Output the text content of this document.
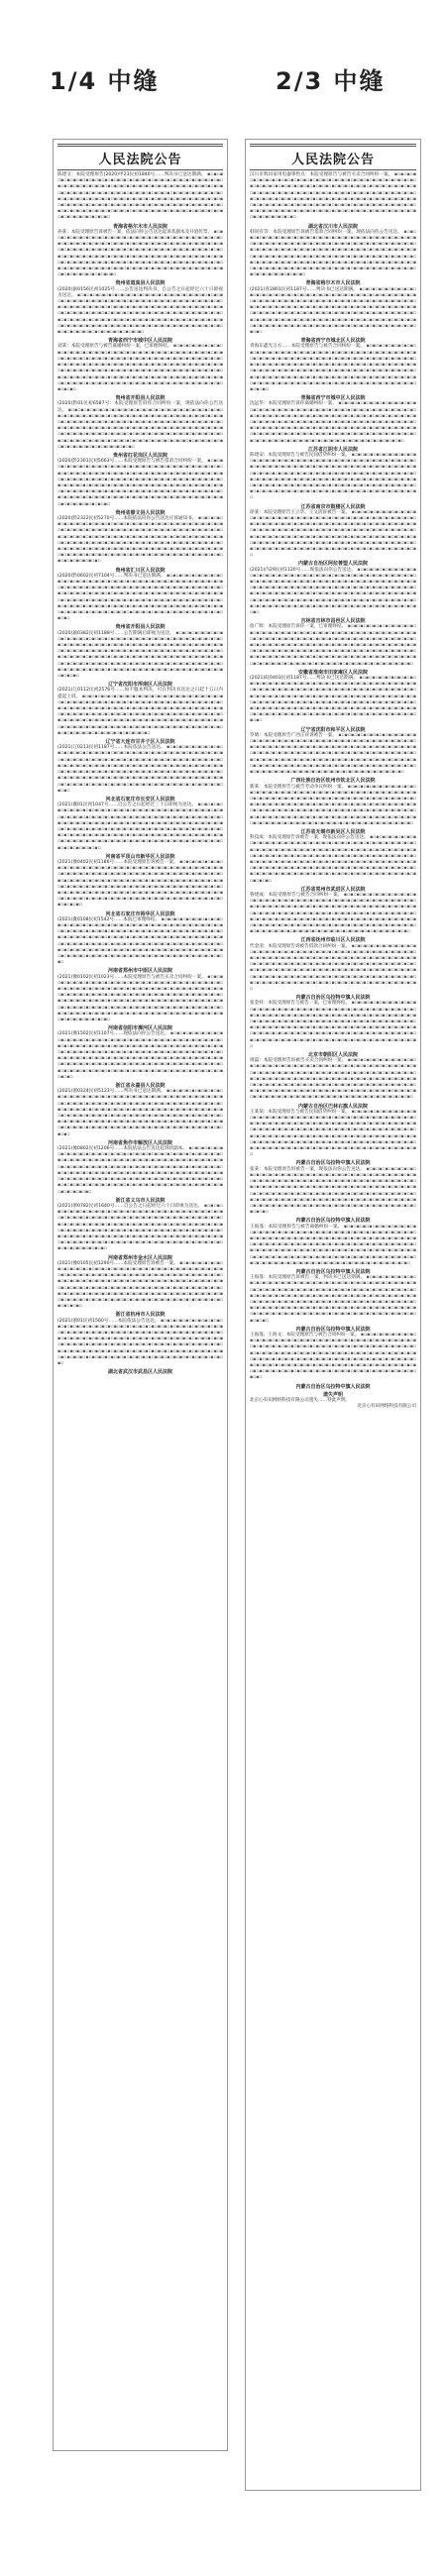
1/4 中缝	2/3 中缝
人民法院公告
陈建文：本院受理原告(2020)甲23民初1840号……判决书已送达期满。 ▪▫▪▫▪▫▪▫▪▫▪▫▪▫▪▫▪▫▪▫▪▫▪▫▪▫▪▫▪▫▪▫▪▫▪▫▪▫▪▫▪▫▪▫▪▫▪▫▪▫▪▫▪▫▪▫▪▫▪▫▪▫▪▫▪▫▪▫▪▫▪▫▪▫▪▫▪▫▪▫▪▫▪▫▪▫▪▫▪▫▪▫▪▫▪▫▪▫▪▫▪▫▪▫▪▫▪▫▪▫▪▫▪▫▪▫▪▫▪▫▪▫▪▫▪▫▪▫▪▫▪▫▪▫▪▫▪▫▪▫▪▫▪▫▪▫▪▫▪▫▪▫▪▫▪▫▪▫▪▫▪▫▪▫▪▫▪▫▪▫▪▫▪▫▪▫▪▫▪▫▪▫▪▫▪▫▪▫▪▫▪▫▪▫▪▫▪▫▪▫▪▫▪▫▪▫▪▫▪▫▪▫▪▫▪▫▪▫▪▫▪▫▪▫▪▫▪▫▪▫▪▫▪▫▪▫▪▫▪▫▪▫▪▫▪▫▪▫▪▫▪▫▪▫▪▫▪▫▪▫▪▫▪▫▪▫▪▫▪▫▪▫▪▫▪▫▪▫▪▫▪▫▪▫▪▫▪▫▪▫▪▫▪▫▪▫▪▫▪▫▪▫▪▫▪▫▪▫▪▫▪▫▪▫▪▫▪▫▪▫▪▫▪▫▪▫▪▫▪▫▪▫▪▫▪▫▪▫▪▫
青海省格尔木市人民法院
孙某：本院受理原告诉被告一案，依法向你公告送达起诉状副本及开庭传票。 ▪▫▪▫▪▫▪▫▪▫▪▫▪▫▪▫▪▫▪▫▪▫▪▫▪▫▪▫▪▫▪▫▪▫▪▫▪▫▪▫▪▫▪▫▪▫▪▫▪▫▪▫▪▫▪▫▪▫▪▫▪▫▪▫▪▫▪▫▪▫▪▫▪▫▪▫▪▫▪▫▪▫▪▫▪▫▪▫▪▫▪▫▪▫▪▫▪▫▪▫▪▫▪▫▪▫▪▫▪▫▪▫▪▫▪▫▪▫▪▫▪▫▪▫▪▫▪▫▪▫▪▫▪▫▪▫▪▫▪▫▪▫▪▫▪▫▪▫▪▫▪▫▪▫▪▫▪▫▪▫▪▫▪▫▪▫▪▫▪▫▪▫▪▫▪▫▪▫▪▫▪▫▪▫▪▫▪▫▪▫▪▫▪▫▪▫▪▫▪▫▪▫▪▫▪▫▪▫▪▫▪▫▪▫▪▫▪▫▪▫▪▫▪▫▪▫▪▫▪▫▪▫▪▫▪▫▪▫▪▫▪▫▪▫▪▫▪▫▪▫▪▫▪▫▪▫▪▫▪▫▪▫▪▫▪▫▪▫▪▫▪▫▪▫▪▫▪▫▪▫▪▫▪▫▪▫▪▫▪▫▪▫▪▫▪▫▪▫▪▫▪▫▪▫▪▫▪▫▪▫▪▫▪▫▪▫▪▫▪▫▪▫▪▫▪▫▪▫▪▫▪▫▪▫▪▫▪▫▪▫
贵州省道真县人民法院
(2020)渝0156民初1025号……公告送达判决书，自公告之日起经过六十日即视为送达。 ▪▫▪▫▪▫▪▫▪▫▪▫▪▫▪▫▪▫▪▫▪▫▪▫▪▫▪▫▪▫▪▫▪▫▪▫▪▫▪▫▪▫▪▫▪▫▪▫▪▫▪▫▪▫▪▫▪▫▪▫▪▫▪▫▪▫▪▫▪▫▪▫▪▫▪▫▪▫▪▫▪▫▪▫▪▫▪▫▪▫▪▫▪▫▪▫▪▫▪▫▪▫▪▫▪▫▪▫▪▫▪▫▪▫▪▫▪▫▪▫▪▫▪▫▪▫▪▫▪▫▪▫▪▫▪▫▪▫▪▫▪▫▪▫▪▫▪▫▪▫▪▫▪▫▪▫▪▫▪▫▪▫▪▫▪▫▪▫▪▫▪▫▪▫▪▫▪▫▪▫▪▫▪▫▪▫▪▫▪▫▪▫▪▫▪▫▪▫▪▫▪▫▪▫▪▫▪▫▪▫▪▫▪▫▪▫▪▫▪▫▪▫▪▫▪▫▪▫▪▫▪▫▪▫▪▫▪▫▪▫▪▫▪▫▪▫▪▫▪▫▪▫▪▫▪▫▪▫▪▫▪▫▪▫▪▫▪▫▪▫▪▫▪▫▪▫▪▫▪▫▪▫▪▫▪▫▪▫▪▫▪▫▪▫▪▫▪▫▪▫▪▫▪▫▪▫▪▫▪▫▪▫▪▫▪▫▪▫▪▫▪▫▪▫▪▫▪▫▪▫▪▫▪▫▪▫▪▫▪▫
青海省西宁市城中区人民法院
刘某：本院受理原告与被告离婚纠纷一案，已审理终结。 ▪▫▪▫▪▫▪▫▪▫▪▫▪▫▪▫▪▫▪▫▪▫▪▫▪▫▪▫▪▫▪▫▪▫▪▫▪▫▪▫▪▫▪▫▪▫▪▫▪▫▪▫▪▫▪▫▪▫▪▫▪▫▪▫▪▫▪▫▪▫▪▫▪▫▪▫▪▫▪▫▪▫▪▫▪▫▪▫▪▫▪▫▪▫▪▫▪▫▪▫▪▫▪▫▪▫▪▫▪▫▪▫▪▫▪▫▪▫▪▫▪▫▪▫▪▫▪▫▪▫▪▫▪▫▪▫▪▫▪▫▪▫▪▫▪▫▪▫▪▫▪▫▪▫▪▫▪▫▪▫▪▫▪▫▪▫▪▫▪▫▪▫▪▫▪▫▪▫▪▫▪▫▪▫▪▫▪▫▪▫▪▫▪▫▪▫▪▫▪▫▪▫▪▫▪▫▪▫▪▫▪▫▪▫▪▫▪▫▪▫▪▫▪▫▪▫▪▫▪▫▪▫▪▫▪▫▪▫▪▫▪▫▪▫▪▫▪▫▪▫▪▫▪▫▪▫▪▫▪▫▪▫▪▫▪▫▪▫▪▫▪▫▪▫▪▫▪▫▪▫▪▫▪▫▪▫▪▫▪▫▪▫▪▫▪▫▪▫▪▫▪▫▪▫▪▫▪▫▪▫▪▫▪▫▪▫▪▫▪▫▪▫▪▫▪▫▪▫▪▫▪▫▪▫▪▫▪▫▪▫
贵州省开阳县人民法院
(2020)黔01民初6587号：本院受理原告诉你合同纠纷一案，现依法向你公告送达。 ▪▫▪▫▪▫▪▫▪▫▪▫▪▫▪▫▪▫▪▫▪▫▪▫▪▫▪▫▪▫▪▫▪▫▪▫▪▫▪▫▪▫▪▫▪▫▪▫▪▫▪▫▪▫▪▫▪▫▪▫▪▫▪▫▪▫▪▫▪▫▪▫▪▫▪▫▪▫▪▫▪▫▪▫▪▫▪▫▪▫▪▫▪▫▪▫▪▫▪▫▪▫▪▫▪▫▪▫▪▫▪▫▪▫▪▫▪▫▪▫▪▫▪▫▪▫▪▫▪▫▪▫▪▫▪▫▪▫▪▫▪▫▪▫▪▫▪▫▪▫▪▫▪▫▪▫▪▫▪▫▪▫▪▫▪▫▪▫▪▫▪▫▪▫▪▫▪▫▪▫▪▫▪▫▪▫▪▫▪▫▪▫▪▫▪▫▪▫▪▫▪▫▪▫▪▫▪▫▪▫▪▫▪▫▪▫▪▫▪▫▪▫▪▫▪▫▪▫▪▫▪▫▪▫▪▫▪▫▪▫▪▫▪▫▪▫▪▫▪▫▪▫▪▫▪▫▪▫▪▫▪▫▪▫▪▫▪▫▪▫▪▫▪▫▪▫▪▫▪▫▪▫▪▫▪▫▪▫▪▫▪▫▪▫▪▫▪▫▪▫▪▫▪▫▪▫▪▫▪▫▪▫▪▫▪▫▪▫▪▫▪▫▪▫▪▫▪▫▪▫▪▫▪▫▪▫▪▫▪▫
贵州省红花岗区人民法院
(2020)黔2301民初5663号……本院受理原告与被告借款合同纠纷一案。 ▪▫▪▫▪▫▪▫▪▫▪▫▪▫▪▫▪▫▪▫▪▫▪▫▪▫▪▫▪▫▪▫▪▫▪▫▪▫▪▫▪▫▪▫▪▫▪▫▪▫▪▫▪▫▪▫▪▫▪▫▪▫▪▫▪▫▪▫▪▫▪▫▪▫▪▫▪▫▪▫▪▫▪▫▪▫▪▫▪▫▪▫▪▫▪▫▪▫▪▫▪▫▪▫▪▫▪▫▪▫▪▫▪▫▪▫▪▫▪▫▪▫▪▫▪▫▪▫▪▫▪▫▪▫▪▫▪▫▪▫▪▫▪▫▪▫▪▫▪▫▪▫▪▫▪▫▪▫▪▫▪▫▪▫▪▫▪▫▪▫▪▫▪▫▪▫▪▫▪▫▪▫▪▫▪▫▪▫▪▫▪▫▪▫▪▫▪▫▪▫▪▫▪▫▪▫▪▫▪▫▪▫▪▫▪▫▪▫▪▫▪▫▪▫▪▫▪▫▪▫▪▫▪▫▪▫▪▫▪▫▪▫▪▫▪▫▪▫▪▫▪▫▪▫▪▫▪▫▪▫▪▫▪▫▪▫▪▫▪▫▪▫▪▫▪▫▪▫▪▫▪▫▪▫▪▫▪▫▪▫▪▫▪▫▪▫▪▫▪▫▪▫▪▫▪▫▪▫▪▫▪▫▪▫▪▫▪▫▪▫▪▫▪▫▪▫▪▫▪▫▪▫▪▫▪▫▪▫▪▫
贵州省修文县人民法院
(2020)黔2322民初5270号……本院依法向你公告送达应诉通知书。 ▪▫▪▫▪▫▪▫▪▫▪▫▪▫▪▫▪▫▪▫▪▫▪▫▪▫▪▫▪▫▪▫▪▫▪▫▪▫▪▫▪▫▪▫▪▫▪▫▪▫▪▫▪▫▪▫▪▫▪▫▪▫▪▫▪▫▪▫▪▫▪▫▪▫▪▫▪▫▪▫▪▫▪▫▪▫▪▫▪▫▪▫▪▫▪▫▪▫▪▫▪▫▪▫▪▫▪▫▪▫▪▫▪▫▪▫▪▫▪▫▪▫▪▫▪▫▪▫▪▫▪▫▪▫▪▫▪▫▪▫▪▫▪▫▪▫▪▫▪▫▪▫▪▫▪▫▪▫▪▫▪▫▪▫▪▫▪▫▪▫▪▫▪▫▪▫▪▫▪▫▪▫▪▫▪▫▪▫▪▫▪▫▪▫▪▫▪▫▪▫▪▫▪▫▪▫▪▫▪▫▪▫▪▫▪▫▪▫▪▫▪▫▪▫▪▫▪▫▪▫▪▫▪▫▪▫▪▫▪▫▪▫▪▫▪▫▪▫▪▫▪▫▪▫▪▫▪▫▪▫▪▫▪▫▪▫▪▫▪▫▪▫▪▫▪▫▪▫▪▫▪▫▪▫▪▫▪▫▪▫▪▫▪▫▪▫▪▫▪▫▪▫▪▫▪▫▪▫▪▫▪▫▪▫▪▫▪▫▪▫▪▫▪▫▪▫▪▫▪▫▪▫▪▫▪▫▪▫▪▫
贵州省汇川区人民法院
(2020)黔0602民初7104号……判决书已送达期满。 ▪▫▪▫▪▫▪▫▪▫▪▫▪▫▪▫▪▫▪▫▪▫▪▫▪▫▪▫▪▫▪▫▪▫▪▫▪▫▪▫▪▫▪▫▪▫▪▫▪▫▪▫▪▫▪▫▪▫▪▫▪▫▪▫▪▫▪▫▪▫▪▫▪▫▪▫▪▫▪▫▪▫▪▫▪▫▪▫▪▫▪▫▪▫▪▫▪▫▪▫▪▫▪▫▪▫▪▫▪▫▪▫▪▫▪▫▪▫▪▫▪▫▪▫▪▫▪▫▪▫▪▫▪▫▪▫▪▫▪▫▪▫▪▫▪▫▪▫▪▫▪▫▪▫▪▫▪▫▪▫▪▫▪▫▪▫▪▫▪▫▪▫▪▫▪▫▪▫▪▫▪▫▪▫▪▫▪▫▪▫▪▫▪▫▪▫▪▫▪▫▪▫▪▫▪▫▪▫▪▫▪▫▪▫▪▫▪▫▪▫▪▫▪▫▪▫▪▫▪▫▪▫▪▫▪▫▪▫▪▫▪▫▪▫▪▫▪▫▪▫▪▫▪▫▪▫▪▫▪▫▪▫▪▫▪▫▪▫▪▫▪▫▪▫▪▫▪▫▪▫▪▫▪▫▪▫▪▫▪▫▪▫▪▫▪▫▪▫▪▫▪▫▪▫▪▫▪▫▪▫▪▫▪▫▪▫▪▫▪▫▪▫▪▫▪▫▪▫▪▫▪▫▪▫▪▫▪▫▪▫
贵州省开阳县人民法院
(2020)渝0382民初1188号……公告期满后即视为送达。 ▪▫▪▫▪▫▪▫▪▫▪▫▪▫▪▫▪▫▪▫▪▫▪▫▪▫▪▫▪▫▪▫▪▫▪▫▪▫▪▫▪▫▪▫▪▫▪▫▪▫▪▫▪▫▪▫▪▫▪▫▪▫▪▫▪▫▪▫▪▫▪▫▪▫▪▫▪▫▪▫▪▫▪▫▪▫▪▫▪▫▪▫▪▫▪▫▪▫▪▫▪▫▪▫▪▫▪▫▪▫▪▫▪▫▪▫▪▫▪▫▪▫▪▫▪▫▪▫▪▫▪▫▪▫▪▫▪▫▪▫▪▫▪▫▪▫▪▫▪▫▪▫▪▫▪▫▪▫▪▫▪▫▪▫▪▫▪▫▪▫▪▫▪▫▪▫▪▫▪▫▪▫▪▫▪▫▪▫▪▫▪▫▪▫▪▫▪▫▪▫▪▫▪▫▪▫▪▫▪▫▪▫▪▫▪▫▪▫▪▫▪▫▪▫▪▫▪▫▪▫▪▫▪▫▪▫▪▫▪▫▪▫▪▫▪▫▪▫▪▫▪▫▪▫▪▫▪▫▪▫▪▫▪▫▪▫▪▫▪▫▪▫▪▫▪▫▪▫▪▫▪▫▪▫▪▫▪▫▪▫▪▫▪▫▪▫▪▫▪▫▪▫▪▫▪▫▪▫▪▫▪▫▪▫▪▫▪▫▪▫▪▫▪▫▪▫▪▫▪▫▪▫▪▫▪▫▪▫▪▫
辽宁省沈阳市浑南区人民法院
(2021)辽0112民初2576号……如不服本判决，可在判决书送达之日起十五日内提起上诉。 ▪▫▪▫▪▫▪▫▪▫▪▫▪▫▪▫▪▫▪▫▪▫▪▫▪▫▪▫▪▫▪▫▪▫▪▫▪▫▪▫▪▫▪▫▪▫▪▫▪▫▪▫▪▫▪▫▪▫▪▫▪▫▪▫▪▫▪▫▪▫▪▫▪▫▪▫▪▫▪▫▪▫▪▫▪▫▪▫▪▫▪▫▪▫▪▫▪▫▪▫▪▫▪▫▪▫▪▫▪▫▪▫▪▫▪▫▪▫▪▫▪▫▪▫▪▫▪▫▪▫▪▫▪▫▪▫▪▫▪▫▪▫▪▫▪▫▪▫▪▫▪▫▪▫▪▫▪▫▪▫▪▫▪▫▪▫▪▫▪▫▪▫▪▫▪▫▪▫▪▫▪▫▪▫▪▫▪▫▪▫▪▫▪▫▪▫▪▫▪▫▪▫▪▫▪▫▪▫▪▫▪▫▪▫▪▫▪▫▪▫▪▫▪▫▪▫▪▫▪▫▪▫▪▫▪▫▪▫▪▫▪▫▪▫▪▫▪▫▪▫▪▫▪▫▪▫▪▫▪▫▪▫▪▫▪▫▪▫▪▫▪▫▪▫▪▫▪▫▪▫▪▫▪▫▪▫▪▫▪▫▪▫▪▫▪▫▪▫▪▫▪▫▪▫▪▫▪▫▪▫▪▫▪▫▪▫▪▫▪▫▪▫▪▫▪▫▪▫▪▫▪▫▪▫▪▫▪▫▪▫
辽宁省大连市甘井子区人民法院
(2021)辽0213民初1187号……本院依法公告送达。 ▪▫▪▫▪▫▪▫▪▫▪▫▪▫▪▫▪▫▪▫▪▫▪▫▪▫▪▫▪▫▪▫▪▫▪▫▪▫▪▫▪▫▪▫▪▫▪▫▪▫▪▫▪▫▪▫▪▫▪▫▪▫▪▫▪▫▪▫▪▫▪▫▪▫▪▫▪▫▪▫▪▫▪▫▪▫▪▫▪▫▪▫▪▫▪▫▪▫▪▫▪▫▪▫▪▫▪▫▪▫▪▫▪▫▪▫▪▫▪▫▪▫▪▫▪▫▪▫▪▫▪▫▪▫▪▫▪▫▪▫▪▫▪▫▪▫▪▫▪▫▪▫▪▫▪▫▪▫▪▫▪▫▪▫▪▫▪▫▪▫▪▫▪▫▪▫▪▫▪▫▪▫▪▫▪▫▪▫▪▫▪▫▪▫▪▫▪▫▪▫▪▫▪▫▪▫▪▫▪▫▪▫▪▫▪▫▪▫▪▫▪▫▪▫▪▫▪▫▪▫▪▫▪▫▪▫▪▫▪▫▪▫▪▫▪▫▪▫▪▫▪▫▪▫▪▫▪▫▪▫▪▫▪▫▪▫▪▫▪▫▪▫▪▫▪▫▪▫▪▫▪▫▪▫▪▫▪▫▪▫▪▫▪▫▪▫▪▫▪▫▪▫▪▫▪▫▪▫▪▫▪▫▪▫▪▫▪▫▪▫▪▫▪▫▪▫▪▫▪▫▪▫▪▫▪▫▪▫▪▫
河北省石家庄市长安区人民法院
(2021)冀01民初1047号……自公告之日起经过三十日即视为送达。 ▪▫▪▫▪▫▪▫▪▫▪▫▪▫▪▫▪▫▪▫▪▫▪▫▪▫▪▫▪▫▪▫▪▫▪▫▪▫▪▫▪▫▪▫▪▫▪▫▪▫▪▫▪▫▪▫▪▫▪▫▪▫▪▫▪▫▪▫▪▫▪▫▪▫▪▫▪▫▪▫▪▫▪▫▪▫▪▫▪▫▪▫▪▫▪▫▪▫▪▫▪▫▪▫▪▫▪▫▪▫▪▫▪▫▪▫▪▫▪▫▪▫▪▫▪▫▪▫▪▫▪▫▪▫▪▫▪▫▪▫▪▫▪▫▪▫▪▫▪▫▪▫▪▫▪▫▪▫▪▫▪▫▪▫▪▫▪▫▪▫▪▫▪▫▪▫▪▫▪▫▪▫▪▫▪▫▪▫▪▫▪▫▪▫▪▫▪▫▪▫▪▫▪▫▪▫▪▫▪▫▪▫▪▫▪▫▪▫▪▫▪▫▪▫▪▫▪▫▪▫▪▫▪▫▪▫▪▫▪▫▪▫▪▫▪▫▪▫▪▫▪▫▪▫▪▫▪▫▪▫▪▫▪▫▪▫▪▫▪▫▪▫▪▫▪▫▪▫▪▫▪▫▪▫▪▫▪▫▪▫▪▫▪▫▪▫▪▫▪▫▪▫▪▫▪▫▪▫▪▫▪▫▪▫▪▫▪▫▪▫▪▫▪▫▪▫▪▫▪▫▪▫▪▫▪▫▪▫▪▫
河南省平顶山市新华区人民法院
(2021)豫0402民初1186号……本院受理原告诉被告一案。 ▪▫▪▫▪▫▪▫▪▫▪▫▪▫▪▫▪▫▪▫▪▫▪▫▪▫▪▫▪▫▪▫▪▫▪▫▪▫▪▫▪▫▪▫▪▫▪▫▪▫▪▫▪▫▪▫▪▫▪▫▪▫▪▫▪▫▪▫▪▫▪▫▪▫▪▫▪▫▪▫▪▫▪▫▪▫▪▫▪▫▪▫▪▫▪▫▪▫▪▫▪▫▪▫▪▫▪▫▪▫▪▫▪▫▪▫▪▫▪▫▪▫▪▫▪▫▪▫▪▫▪▫▪▫▪▫▪▫▪▫▪▫▪▫▪▫▪▫▪▫▪▫▪▫▪▫▪▫▪▫▪▫▪▫▪▫▪▫▪▫▪▫▪▫▪▫▪▫▪▫▪▫▪▫▪▫▪▫▪▫▪▫▪▫▪▫▪▫▪▫▪▫▪▫▪▫▪▫▪▫▪▫▪▫▪▫▪▫▪▫▪▫▪▫▪▫▪▫▪▫▪▫▪▫▪▫▪▫▪▫▪▫▪▫▪▫▪▫▪▫▪▫▪▫▪▫▪▫▪▫▪▫▪▫▪▫▪▫▪▫▪▫▪▫▪▫▪▫▪▫▪▫▪▫▪▫▪▫▪▫▪▫▪▫▪▫▪▫▪▫▪▫▪▫▪▫▪▫▪▫▪▫▪▫▪▫▪▫▪▫▪▫▪▫▪▫▪▫▪▫▪▫▪▫▪▫▪▫▪▫
河北省石家庄市裕华区人民法院
(2021)冀0108民初1542号……本院已审理终结。 ▪▫▪▫▪▫▪▫▪▫▪▫▪▫▪▫▪▫▪▫▪▫▪▫▪▫▪▫▪▫▪▫▪▫▪▫▪▫▪▫▪▫▪▫▪▫▪▫▪▫▪▫▪▫▪▫▪▫▪▫▪▫▪▫▪▫▪▫▪▫▪▫▪▫▪▫▪▫▪▫▪▫▪▫▪▫▪▫▪▫▪▫▪▫▪▫▪▫▪▫▪▫▪▫▪▫▪▫▪▫▪▫▪▫▪▫▪▫▪▫▪▫▪▫▪▫▪▫▪▫▪▫▪▫▪▫▪▫▪▫▪▫▪▫▪▫▪▫▪▫▪▫▪▫▪▫▪▫▪▫▪▫▪▫▪▫▪▫▪▫▪▫▪▫▪▫▪▫▪▫▪▫▪▫▪▫▪▫▪▫▪▫▪▫▪▫▪▫▪▫▪▫▪▫▪▫▪▫▪▫▪▫▪▫▪▫▪▫▪▫▪▫▪▫▪▫▪▫▪▫▪▫▪▫▪▫▪▫▪▫▪▫▪▫▪▫▪▫▪▫▪▫▪▫▪▫▪▫▪▫▪▫▪▫▪▫▪▫▪▫▪▫▪▫▪▫▪▫▪▫▪▫▪▫▪▫▪▫▪▫▪▫▪▫▪▫▪▫▪▫▪▫▪▫▪▫▪▫▪▫▪▫▪▫▪▫▪▫▪▫▪▫▪▫▪▫▪▫▪▫▪▫▪▫▪▫▪▫▪▫
河南省郑州市中原区人民法院
(2021)豫0102民初1023号……本院受理原告与被告买卖合同纠纷一案。 ▪▫▪▫▪▫▪▫▪▫▪▫▪▫▪▫▪▫▪▫▪▫▪▫▪▫▪▫▪▫▪▫▪▫▪▫▪▫▪▫▪▫▪▫▪▫▪▫▪▫▪▫▪▫▪▫▪▫▪▫▪▫▪▫▪▫▪▫▪▫▪▫▪▫▪▫▪▫▪▫▪▫▪▫▪▫▪▫▪▫▪▫▪▫▪▫▪▫▪▫▪▫▪▫▪▫▪▫▪▫▪▫▪▫▪▫▪▫▪▫▪▫▪▫▪▫▪▫▪▫▪▫▪▫▪▫▪▫▪▫▪▫▪▫▪▫▪▫▪▫▪▫▪▫▪▫▪▫▪▫▪▫▪▫▪▫▪▫▪▫▪▫▪▫▪▫▪▫▪▫▪▫▪▫▪▫▪▫▪▫▪▫▪▫▪▫▪▫▪▫▪▫▪▫▪▫▪▫▪▫▪▫▪▫▪▫▪▫▪▫▪▫▪▫▪▫▪▫▪▫▪▫▪▫▪▫▪▫▪▫▪▫▪▫▪▫▪▫▪▫▪▫▪▫▪▫▪▫▪▫▪▫▪▫▪▫▪▫▪▫▪▫▪▫▪▫▪▫▪▫▪▫▪▫▪▫▪▫▪▫▪▫▪▫▪▫▪▫▪▫▪▫▪▫▪▫▪▫▪▫▪▫▪▫▪▫▪▫▪▫▪▫▪▫▪▫▪▫▪▫▪▫▪▫▪▫▪▫▪▫
河南省信阳市浉河区人民法院
(2021)豫1502民初1107号……现依法向你公告送达。 ▪▫▪▫▪▫▪▫▪▫▪▫▪▫▪▫▪▫▪▫▪▫▪▫▪▫▪▫▪▫▪▫▪▫▪▫▪▫▪▫▪▫▪▫▪▫▪▫▪▫▪▫▪▫▪▫▪▫▪▫▪▫▪▫▪▫▪▫▪▫▪▫▪▫▪▫▪▫▪▫▪▫▪▫▪▫▪▫▪▫▪▫▪▫▪▫▪▫▪▫▪▫▪▫▪▫▪▫▪▫▪▫▪▫▪▫▪▫▪▫▪▫▪▫▪▫▪▫▪▫▪▫▪▫▪▫▪▫▪▫▪▫▪▫▪▫▪▫▪▫▪▫▪▫▪▫▪▫▪▫▪▫▪▫▪▫▪▫▪▫▪▫▪▫▪▫▪▫▪▫▪▫▪▫▪▫▪▫▪▫▪▫▪▫▪▫▪▫▪▫▪▫▪▫▪▫▪▫▪▫▪▫▪▫▪▫▪▫▪▫▪▫▪▫▪▫▪▫▪▫▪▫▪▫▪▫▪▫▪▫▪▫▪▫▪▫▪▫▪▫▪▫▪▫▪▫▪▫▪▫▪▫▪▫▪▫▪▫▪▫▪▫▪▫▪▫▪▫▪▫▪▫▪▫▪▫▪▫▪▫▪▫▪▫▪▫▪▫▪▫▪▫▪▫▪▫▪▫▪▫▪▫▪▫▪▫▪▫▪▫▪▫▪▫▪▫▪▫▪▫▪▫▪▫▪▫▪▫▪▫
浙江省永嘉县人民法院
(2021)浙0324民初5123号……判决书已送达期满。 ▪▫▪▫▪▫▪▫▪▫▪▫▪▫▪▫▪▫▪▫▪▫▪▫▪▫▪▫▪▫▪▫▪▫▪▫▪▫▪▫▪▫▪▫▪▫▪▫▪▫▪▫▪▫▪▫▪▫▪▫▪▫▪▫▪▫▪▫▪▫▪▫▪▫▪▫▪▫▪▫▪▫▪▫▪▫▪▫▪▫▪▫▪▫▪▫▪▫▪▫▪▫▪▫▪▫▪▫▪▫▪▫▪▫▪▫▪▫▪▫▪▫▪▫▪▫▪▫▪▫▪▫▪▫▪▫▪▫▪▫▪▫▪▫▪▫▪▫▪▫▪▫▪▫▪▫▪▫▪▫▪▫▪▫▪▫▪▫▪▫▪▫▪▫▪▫▪▫▪▫▪▫▪▫▪▫▪▫▪▫▪▫▪▫▪▫▪▫▪▫▪▫▪▫▪▫▪▫▪▫▪▫▪▫▪▫▪▫▪▫▪▫▪▫▪▫▪▫▪▫▪▫▪▫▪▫▪▫▪▫▪▫▪▫▪▫▪▫▪▫▪▫▪▫▪▫▪▫▪▫▪▫▪▫▪▫▪▫▪▫▪▫▪▫▪▫▪▫▪▫▪▫▪▫▪▫▪▫▪▫▪▫▪▫▪▫▪▫▪▫▪▫▪▫▪▫▪▫▪▫▪▫▪▫▪▫▪▫▪▫▪▫▪▫▪▫▪▫▪▫▪▫▪▫▪▫▪▫▪▫
河南省焦作市解放区人民法院
(2021)豫0802民初1206号……本院依法公告送达起诉状副本。 ▪▫▪▫▪▫▪▫▪▫▪▫▪▫▪▫▪▫▪▫▪▫▪▫▪▫▪▫▪▫▪▫▪▫▪▫▪▫▪▫▪▫▪▫▪▫▪▫▪▫▪▫▪▫▪▫▪▫▪▫▪▫▪▫▪▫▪▫▪▫▪▫▪▫▪▫▪▫▪▫▪▫▪▫▪▫▪▫▪▫▪▫▪▫▪▫▪▫▪▫▪▫▪▫▪▫▪▫▪▫▪▫▪▫▪▫▪▫▪▫▪▫▪▫▪▫▪▫▪▫▪▫▪▫▪▫▪▫▪▫▪▫▪▫▪▫▪▫▪▫▪▫▪▫▪▫▪▫▪▫▪▫▪▫▪▫▪▫▪▫▪▫▪▫▪▫▪▫▪▫▪▫▪▫▪▫▪▫▪▫▪▫▪▫▪▫▪▫▪▫▪▫▪▫▪▫▪▫▪▫▪▫▪▫▪▫▪▫▪▫▪▫▪▫▪▫▪▫▪▫▪▫▪▫▪▫▪▫▪▫▪▫▪▫▪▫▪▫▪▫▪▫▪▫▪▫▪▫▪▫▪▫▪▫▪▫▪▫▪▫▪▫▪▫▪▫▪▫▪▫▪▫▪▫▪▫▪▫▪▫▪▫▪▫▪▫▪▫▪▫▪▫▪▫▪▫▪▫▪▫▪▫▪▫▪▫▪▫▪▫▪▫▪▫▪▫▪▫▪▫▪▫▪▫▪▫▪▫▪▫
浙江省义乌市人民法院
(2021)浙0782民初1640号……自公告之日起经过六十日即视为送达。 ▪▫▪▫▪▫▪▫▪▫▪▫▪▫▪▫▪▫▪▫▪▫▪▫▪▫▪▫▪▫▪▫▪▫▪▫▪▫▪▫▪▫▪▫▪▫▪▫▪▫▪▫▪▫▪▫▪▫▪▫▪▫▪▫▪▫▪▫▪▫▪▫▪▫▪▫▪▫▪▫▪▫▪▫▪▫▪▫▪▫▪▫▪▫▪▫▪▫▪▫▪▫▪▫▪▫▪▫▪▫▪▫▪▫▪▫▪▫▪▫▪▫▪▫▪▫▪▫▪▫▪▫▪▫▪▫▪▫▪▫▪▫▪▫▪▫▪▫▪▫▪▫▪▫▪▫▪▫▪▫▪▫▪▫▪▫▪▫▪▫▪▫▪▫▪▫▪▫▪▫▪▫▪▫▪▫▪▫▪▫▪▫▪▫▪▫▪▫▪▫▪▫▪▫▪▫▪▫▪▫▪▫▪▫▪▫▪▫▪▫▪▫▪▫▪▫▪▫▪▫▪▫▪▫▪▫▪▫▪▫▪▫▪▫▪▫▪▫▪▫▪▫▪▫▪▫▪▫▪▫▪▫▪▫▪▫▪▫▪▫▪▫▪▫▪▫▪▫▪▫▪▫▪▫▪▫▪▫▪▫▪▫▪▫▪▫▪▫▪▫▪▫▪▫▪▫▪▫▪▫▪▫▪▫▪▫▪▫▪▫▪▫▪▫▪▫▪▫▪▫▪▫▪▫▪▫▪▫▪▫
河南省郑州市金水区人民法院
(2021)豫0105民初1290号……本院受理原告诉被告一案。 ▪▫▪▫▪▫▪▫▪▫▪▫▪▫▪▫▪▫▪▫▪▫▪▫▪▫▪▫▪▫▪▫▪▫▪▫▪▫▪▫▪▫▪▫▪▫▪▫▪▫▪▫▪▫▪▫▪▫▪▫▪▫▪▫▪▫▪▫▪▫▪▫▪▫▪▫▪▫▪▫▪▫▪▫▪▫▪▫▪▫▪▫▪▫▪▫▪▫▪▫▪▫▪▫▪▫▪▫▪▫▪▫▪▫▪▫▪▫▪▫▪▫▪▫▪▫▪▫▪▫▪▫▪▫▪▫▪▫▪▫▪▫▪▫▪▫▪▫▪▫▪▫▪▫▪▫▪▫▪▫▪▫▪▫▪▫▪▫▪▫▪▫▪▫▪▫▪▫▪▫▪▫▪▫▪▫▪▫▪▫▪▫▪▫▪▫▪▫▪▫▪▫▪▫▪▫▪▫▪▫▪▫▪▫▪▫▪▫▪▫▪▫▪▫▪▫▪▫▪▫▪▫▪▫▪▫▪▫▪▫▪▫▪▫▪▫▪▫▪▫▪▫▪▫▪▫▪▫▪▫▪▫▪▫▪▫▪▫▪▫▪▫▪▫▪▫▪▫▪▫▪▫▪▫▪▫▪▫▪▫▪▫▪▫▪▫▪▫▪▫▪▫▪▫▪▫▪▫▪▫▪▫▪▫▪▫▪▫▪▫▪▫▪▫▪▫▪▫▪▫▪▫▪▫▪▫▪▫▪▫
浙江省杭州市人民法院
(2021)浙01民初1560号……本院依法公告送达。 ▪▫▪▫▪▫▪▫▪▫▪▫▪▫▪▫▪▫▪▫▪▫▪▫▪▫▪▫▪▫▪▫▪▫▪▫▪▫▪▫▪▫▪▫▪▫▪▫▪▫▪▫▪▫▪▫▪▫▪▫▪▫▪▫▪▫▪▫▪▫▪▫▪▫▪▫▪▫▪▫▪▫▪▫▪▫▪▫▪▫▪▫▪▫▪▫▪▫▪▫▪▫▪▫▪▫▪▫▪▫▪▫▪▫▪▫▪▫▪▫▪▫▪▫▪▫▪▫▪▫▪▫▪▫▪▫▪▫▪▫▪▫▪▫▪▫▪▫▪▫▪▫▪▫▪▫▪▫▪▫▪▫▪▫▪▫▪▫▪▫▪▫▪▫▪▫▪▫▪▫▪▫▪▫▪▫▪▫▪▫▪▫▪▫▪▫▪▫▪▫▪▫▪▫▪▫▪▫▪▫▪▫▪▫▪▫▪▫▪▫▪▫▪▫▪▫▪▫▪▫▪▫▪▫▪▫▪▫▪▫▪▫▪▫▪▫▪▫▪▫▪▫▪▫▪▫▪▫▪▫▪▫▪▫▪▫▪▫▪▫▪▫▪▫▪▫▪▫▪▫▪▫▪▫▪▫▪▫▪▫▪▫▪▫▪▫▪▫▪▫▪▫▪▫▪▫▪▫▪▫▪▫▪▫▪▫▪▫▪▫▪▫▪▫▪▫▪▫▪▫▪▫▪▫▪▫▪▫▪▫
湖北省武汉市武昌区人民法院
人民法院公告
汉川市辉讯家用电器零售点：本院受理原告与被告买卖合同纠纷一案。 ▪▫▪▫▪▫▪▫▪▫▪▫▪▫▪▫▪▫▪▫▪▫▪▫▪▫▪▫▪▫▪▫▪▫▪▫▪▫▪▫▪▫▪▫▪▫▪▫▪▫▪▫▪▫▪▫▪▫▪▫▪▫▪▫▪▫▪▫▪▫▪▫▪▫▪▫▪▫▪▫▪▫▪▫▪▫▪▫▪▫▪▫▪▫▪▫▪▫▪▫▪▫▪▫▪▫▪▫▪▫▪▫▪▫▪▫▪▫▪▫▪▫▪▫▪▫▪▫▪▫▪▫▪▫▪▫▪▫▪▫▪▫▪▫▪▫▪▫▪▫▪▫▪▫▪▫▪▫▪▫▪▫▪▫▪▫▪▫▪▫▪▫▪▫▪▫▪▫▪▫▪▫▪▫▪▫▪▫▪▫▪▫▪▫▪▫▪▫▪▫▪▫▪▫▪▫▪▫▪▫▪▫▪▫▪▫▪▫▪▫▪▫▪▫▪▫▪▫▪▫▪▫▪▫▪▫▪▫▪▫▪▫▪▫▪▫▪▫▪▫▪▫▪▫▪▫▪▫▪▫▪▫▪▫▪▫▪▫▪▫▪▫▪▫▪▫▪▫▪▫▪▫▪▫▪▫▪▫▪▫▪▫▪▫▪▫▪▫▪▫▪▫▪▫▪▫▪▫▪▫▪▫▪▫▪▫▪▫▪▫▪▫▪▫▪▫▪▫▪▫▪▫▪▫▪▫▪▫▪▫
湖北省汉川市人民法院
韩同有等：本院受理原告诉被告借款合同纠纷一案，现依法向你公告送达。 ▪▫▪▫▪▫▪▫▪▫▪▫▪▫▪▫▪▫▪▫▪▫▪▫▪▫▪▫▪▫▪▫▪▫▪▫▪▫▪▫▪▫▪▫▪▫▪▫▪▫▪▫▪▫▪▫▪▫▪▫▪▫▪▫▪▫▪▫▪▫▪▫▪▫▪▫▪▫▪▫▪▫▪▫▪▫▪▫▪▫▪▫▪▫▪▫▪▫▪▫▪▫▪▫▪▫▪▫▪▫▪▫▪▫▪▫▪▫▪▫▪▫▪▫▪▫▪▫▪▫▪▫▪▫▪▫▪▫▪▫▪▫▪▫▪▫▪▫▪▫▪▫▪▫▪▫▪▫▪▫▪▫▪▫▪▫▪▫▪▫▪▫▪▫▪▫▪▫▪▫▪▫▪▫▪▫▪▫▪▫▪▫▪▫▪▫▪▫▪▫▪▫▪▫▪▫▪▫▪▫▪▫▪▫▪▫▪▫▪▫▪▫▪▫▪▫▪▫▪▫▪▫▪▫▪▫▪▫▪▫▪▫▪▫▪▫▪▫▪▫▪▫▪▫▪▫▪▫▪▫▪▫▪▫▪▫▪▫▪▫▪▫▪▫▪▫▪▫▪▫▪▫▪▫▪▫▪▫▪▫▪▫▪▫▪▫▪▫▪▫▪▫▪▫▪▫▪▫▪▫▪▫▪▫▪▫▪▫▪▫▪▫▪▫▪▫▪▫▪▫▪▫▪▫▪▫▪▫▪▫
青海省格尔木市人民法院
(2021)青2801民初1187号……判决书已送达期满。 ▪▫▪▫▪▫▪▫▪▫▪▫▪▫▪▫▪▫▪▫▪▫▪▫▪▫▪▫▪▫▪▫▪▫▪▫▪▫▪▫▪▫▪▫▪▫▪▫▪▫▪▫▪▫▪▫▪▫▪▫▪▫▪▫▪▫▪▫▪▫▪▫▪▫▪▫▪▫▪▫▪▫▪▫▪▫▪▫▪▫▪▫▪▫▪▫▪▫▪▫▪▫▪▫▪▫▪▫▪▫▪▫▪▫▪▫▪▫▪▫▪▫▪▫▪▫▪▫▪▫▪▫▪▫▪▫▪▫▪▫▪▫▪▫▪▫▪▫▪▫▪▫▪▫▪▫▪▫▪▫▪▫▪▫▪▫▪▫▪▫▪▫▪▫▪▫▪▫▪▫▪▫▪▫▪▫▪▫▪▫▪▫▪▫▪▫▪▫▪▫▪▫▪▫▪▫▪▫▪▫▪▫▪▫▪▫▪▫▪▫▪▫▪▫▪▫▪▫▪▫▪▫▪▫▪▫▪▫▪▫▪▫▪▫▪▫▪▫▪▫▪▫▪▫▪▫▪▫▪▫▪▫▪▫▪▫▪▫▪▫▪▫▪▫▪▫▪▫▪▫▪▫▪▫▪▫▪▫▪▫▪▫▪▫▪▫▪▫▪▫▪▫▪▫▪▫▪▫▪▫▪▫▪▫▪▫▪▫▪▫▪▫▪▫▪▫▪▫▪▫▪▫▪▫▪▫▪▫▪▫
青海省西宁市城北区人民法院
青海东鑫光万方……本院受理原告与被告合同纠纷一案。 ▪▫▪▫▪▫▪▫▪▫▪▫▪▫▪▫▪▫▪▫▪▫▪▫▪▫▪▫▪▫▪▫▪▫▪▫▪▫▪▫▪▫▪▫▪▫▪▫▪▫▪▫▪▫▪▫▪▫▪▫▪▫▪▫▪▫▪▫▪▫▪▫▪▫▪▫▪▫▪▫▪▫▪▫▪▫▪▫▪▫▪▫▪▫▪▫▪▫▪▫▪▫▪▫▪▫▪▫▪▫▪▫▪▫▪▫▪▫▪▫▪▫▪▫▪▫▪▫▪▫▪▫▪▫▪▫▪▫▪▫▪▫▪▫▪▫▪▫▪▫▪▫▪▫▪▫▪▫▪▫▪▫▪▫▪▫▪▫▪▫▪▫▪▫▪▫▪▫▪▫▪▫▪▫▪▫▪▫▪▫▪▫▪▫▪▫▪▫▪▫▪▫▪▫▪▫▪▫▪▫▪▫▪▫▪▫▪▫▪▫▪▫▪▫▪▫▪▫▪▫▪▫▪▫▪▫▪▫▪▫▪▫▪▫▪▫▪▫▪▫▪▫▪▫▪▫▪▫▪▫▪▫▪▫▪▫▪▫▪▫▪▫▪▫▪▫▪▫▪▫▪▫▪▫▪▫▪▫▪▫▪▫▪▫▪▫▪▫▪▫▪▫▪▫▪▫▪▫▪▫▪▫▪▫▪▫▪▫▪▫▪▫▪▫▪▫▪▫▪▫▪▫▪▫▪▫▪▫▪▫
青海省西宁市城中区人民法院
沈远华：本院受理原告诉你离婚纠纷一案。 ▪▫▪▫▪▫▪▫▪▫▪▫▪▫▪▫▪▫▪▫▪▫▪▫▪▫▪▫▪▫▪▫▪▫▪▫▪▫▪▫▪▫▪▫▪▫▪▫▪▫▪▫▪▫▪▫▪▫▪▫▪▫▪▫▪▫▪▫▪▫▪▫▪▫▪▫▪▫▪▫▪▫▪▫▪▫▪▫▪▫▪▫▪▫▪▫▪▫▪▫▪▫▪▫▪▫▪▫▪▫▪▫▪▫▪▫▪▫▪▫▪▫▪▫▪▫▪▫▪▫▪▫▪▫▪▫▪▫▪▫▪▫▪▫▪▫▪▫▪▫▪▫▪▫▪▫▪▫▪▫▪▫▪▫▪▫▪▫▪▫▪▫▪▫▪▫▪▫▪▫▪▫▪▫▪▫▪▫▪▫▪▫▪▫▪▫▪▫▪▫▪▫▪▫▪▫▪▫▪▫▪▫▪▫▪▫▪▫▪▫▪▫▪▫▪▫▪▫▪▫▪▫▪▫▪▫▪▫▪▫▪▫▪▫▪▫▪▫▪▫▪▫▪▫▪▫▪▫▪▫▪▫▪▫▪▫▪▫▪▫▪▫▪▫▪▫▪▫▪▫▪▫▪▫▪▫▪▫▪▫▪▫▪▫▪▫▪▫▪▫▪▫▪▫▪▫▪▫▪▫▪▫▪▫▪▫▪▫▪▫▪▫▪▫▪▫▪▫▪▫▪▫▪▫▪▫▪▫▪▫
江苏省江阴市人民法院
陈建安：本院受理原告与被告民间借贷纠纷一案。 ▪▫▪▫▪▫▪▫▪▫▪▫▪▫▪▫▪▫▪▫▪▫▪▫▪▫▪▫▪▫▪▫▪▫▪▫▪▫▪▫▪▫▪▫▪▫▪▫▪▫▪▫▪▫▪▫▪▫▪▫▪▫▪▫▪▫▪▫▪▫▪▫▪▫▪▫▪▫▪▫▪▫▪▫▪▫▪▫▪▫▪▫▪▫▪▫▪▫▪▫▪▫▪▫▪▫▪▫▪▫▪▫▪▫▪▫▪▫▪▫▪▫▪▫▪▫▪▫▪▫▪▫▪▫▪▫▪▫▪▫▪▫▪▫▪▫▪▫▪▫▪▫▪▫▪▫▪▫▪▫▪▫▪▫▪▫▪▫▪▫▪▫▪▫▪▫▪▫▪▫▪▫▪▫▪▫▪▫▪▫▪▫▪▫▪▫▪▫▪▫▪▫▪▫▪▫▪▫▪▫▪▫▪▫▪▫▪▫▪▫▪▫▪▫▪▫▪▫▪▫▪▫▪▫▪▫▪▫▪▫▪▫▪▫▪▫▪▫▪▫▪▫▪▫▪▫▪▫▪▫▪▫▪▫▪▫▪▫▪▫▪▫▪▫▪▫▪▫▪▫▪▫▪▫▪▫▪▫▪▫▪▫▪▫▪▫▪▫▪▫▪▫▪▫▪▫▪▫▪▫▪▫▪▫▪▫▪▫▪▫▪▫▪▫▪▫▪▫▪▫▪▫▪▫▪▫▪▫▪▫
江苏省南京市鼓楼区人民法院
徐某：本院受理原告王立华、王文清诉被告一案。 ▪▫▪▫▪▫▪▫▪▫▪▫▪▫▪▫▪▫▪▫▪▫▪▫▪▫▪▫▪▫▪▫▪▫▪▫▪▫▪▫▪▫▪▫▪▫▪▫▪▫▪▫▪▫▪▫▪▫▪▫▪▫▪▫▪▫▪▫▪▫▪▫▪▫▪▫▪▫▪▫▪▫▪▫▪▫▪▫▪▫▪▫▪▫▪▫▪▫▪▫▪▫▪▫▪▫▪▫▪▫▪▫▪▫▪▫▪▫▪▫▪▫▪▫▪▫▪▫▪▫▪▫▪▫▪▫▪▫▪▫▪▫▪▫▪▫▪▫▪▫▪▫▪▫▪▫▪▫▪▫▪▫▪▫▪▫▪▫▪▫▪▫▪▫▪▫▪▫▪▫▪▫▪▫▪▫▪▫▪▫▪▫▪▫▪▫▪▫▪▫▪▫▪▫▪▫▪▫▪▫▪▫▪▫▪▫▪▫▪▫▪▫▪▫▪▫▪▫▪▫▪▫▪▫▪▫▪▫▪▫▪▫▪▫▪▫▪▫▪▫▪▫▪▫▪▫▪▫▪▫▪▫▪▫▪▫▪▫▪▫▪▫▪▫▪▫▪▫▪▫▪▫▪▫▪▫▪▫▪▫▪▫▪▫▪▫▪▫▪▫▪▫▪▫▪▫▪▫▪▫▪▫▪▫▪▫▪▫▪▫▪▫▪▫▪▫▪▫▪▫▪▫▪▫▪▫▪▫▪▫
内蒙古自治区阿拉善盟人民法院
(2021)内29民初1120号……现依法向你公告送达。 ▪▫▪▫▪▫▪▫▪▫▪▫▪▫▪▫▪▫▪▫▪▫▪▫▪▫▪▫▪▫▪▫▪▫▪▫▪▫▪▫▪▫▪▫▪▫▪▫▪▫▪▫▪▫▪▫▪▫▪▫▪▫▪▫▪▫▪▫▪▫▪▫▪▫▪▫▪▫▪▫▪▫▪▫▪▫▪▫▪▫▪▫▪▫▪▫▪▫▪▫▪▫▪▫▪▫▪▫▪▫▪▫▪▫▪▫▪▫▪▫▪▫▪▫▪▫▪▫▪▫▪▫▪▫▪▫▪▫▪▫▪▫▪▫▪▫▪▫▪▫▪▫▪▫▪▫▪▫▪▫▪▫▪▫▪▫▪▫▪▫▪▫▪▫▪▫▪▫▪▫▪▫▪▫▪▫▪▫▪▫▪▫▪▫▪▫▪▫▪▫▪▫▪▫▪▫▪▫▪▫▪▫▪▫▪▫▪▫▪▫▪▫▪▫▪▫▪▫▪▫▪▫▪▫▪▫▪▫▪▫▪▫▪▫▪▫▪▫▪▫▪▫▪▫▪▫▪▫▪▫▪▫▪▫▪▫▪▫▪▫▪▫▪▫▪▫▪▫▪▫▪▫▪▫▪▫▪▫▪▫▪▫▪▫▪▫▪▫▪▫▪▫▪▫▪▫▪▫▪▫▪▫▪▫▪▫▪▫▪▫▪▫▪▫▪▫▪▫▪▫▪▫▪▫▪▫▪▫▪▫
吉林省吉林市昌邑区人民法院
詹广辉：本院受理原告诉你一案，已审理终结。 ▪▫▪▫▪▫▪▫▪▫▪▫▪▫▪▫▪▫▪▫▪▫▪▫▪▫▪▫▪▫▪▫▪▫▪▫▪▫▪▫▪▫▪▫▪▫▪▫▪▫▪▫▪▫▪▫▪▫▪▫▪▫▪▫▪▫▪▫▪▫▪▫▪▫▪▫▪▫▪▫▪▫▪▫▪▫▪▫▪▫▪▫▪▫▪▫▪▫▪▫▪▫▪▫▪▫▪▫▪▫▪▫▪▫▪▫▪▫▪▫▪▫▪▫▪▫▪▫▪▫▪▫▪▫▪▫▪▫▪▫▪▫▪▫▪▫▪▫▪▫▪▫▪▫▪▫▪▫▪▫▪▫▪▫▪▫▪▫▪▫▪▫▪▫▪▫▪▫▪▫▪▫▪▫▪▫▪▫▪▫▪▫▪▫▪▫▪▫▪▫▪▫▪▫▪▫▪▫▪▫▪▫▪▫▪▫▪▫▪▫▪▫▪▫▪▫▪▫▪▫▪▫▪▫▪▫▪▫▪▫▪▫▪▫▪▫▪▫▪▫▪▫▪▫▪▫▪▫▪▫▪▫▪▫▪▫▪▫▪▫▪▫▪▫▪▫▪▫▪▫▪▫▪▫▪▫▪▫▪▫▪▫▪▫▪▫▪▫▪▫▪▫▪▫▪▫▪▫▪▫▪▫▪▫▪▫▪▫▪▫▪▫▪▫▪▫▪▫▪▫▪▫▪▫▪▫▪▫▪▫
安徽省淮南市田家庵区人民法院
(2021)皖0403民初1187号……判决书已送达期满。 ▪▫▪▫▪▫▪▫▪▫▪▫▪▫▪▫▪▫▪▫▪▫▪▫▪▫▪▫▪▫▪▫▪▫▪▫▪▫▪▫▪▫▪▫▪▫▪▫▪▫▪▫▪▫▪▫▪▫▪▫▪▫▪▫▪▫▪▫▪▫▪▫▪▫▪▫▪▫▪▫▪▫▪▫▪▫▪▫▪▫▪▫▪▫▪▫▪▫▪▫▪▫▪▫▪▫▪▫▪▫▪▫▪▫▪▫▪▫▪▫▪▫▪▫▪▫▪▫▪▫▪▫▪▫▪▫▪▫▪▫▪▫▪▫▪▫▪▫▪▫▪▫▪▫▪▫▪▫▪▫▪▫▪▫▪▫▪▫▪▫▪▫▪▫▪▫▪▫▪▫▪▫▪▫▪▫▪▫▪▫▪▫▪▫▪▫▪▫▪▫▪▫▪▫▪▫▪▫▪▫▪▫▪▫▪▫▪▫▪▫▪▫▪▫▪▫▪▫▪▫▪▫▪▫▪▫▪▫▪▫▪▫▪▫▪▫▪▫▪▫▪▫▪▫▪▫▪▫▪▫▪▫▪▫▪▫▪▫▪▫▪▫▪▫▪▫▪▫▪▫▪▫▪▫▪▫▪▫▪▫▪▫▪▫▪▫▪▫▪▫▪▫▪▫▪▫▪▫▪▫▪▫▪▫▪▫▪▫▪▫▪▫▪▫▪▫▪▫▪▫▪▫▪▫▪▫▪▫▪▫
辽宁省沈阳市和平区人民法院
罗婧：本院受理原告广西正祥诉被告一案。 ▪▫▪▫▪▫▪▫▪▫▪▫▪▫▪▫▪▫▪▫▪▫▪▫▪▫▪▫▪▫▪▫▪▫▪▫▪▫▪▫▪▫▪▫▪▫▪▫▪▫▪▫▪▫▪▫▪▫▪▫▪▫▪▫▪▫▪▫▪▫▪▫▪▫▪▫▪▫▪▫▪▫▪▫▪▫▪▫▪▫▪▫▪▫▪▫▪▫▪▫▪▫▪▫▪▫▪▫▪▫▪▫▪▫▪▫▪▫▪▫▪▫▪▫▪▫▪▫▪▫▪▫▪▫▪▫▪▫▪▫▪▫▪▫▪▫▪▫▪▫▪▫▪▫▪▫▪▫▪▫▪▫▪▫▪▫▪▫▪▫▪▫▪▫▪▫▪▫▪▫▪▫▪▫▪▫▪▫▪▫▪▫▪▫▪▫▪▫▪▫▪▫▪▫▪▫▪▫▪▫▪▫▪▫▪▫▪▫▪▫▪▫▪▫▪▫▪▫▪▫▪▫▪▫▪▫▪▫▪▫▪▫▪▫▪▫▪▫▪▫▪▫▪▫▪▫▪▫▪▫▪▫▪▫▪▫▪▫▪▫▪▫▪▫▪▫▪▫▪▫▪▫▪▫▪▫▪▫▪▫▪▫▪▫▪▫▪▫▪▫▪▫▪▫▪▫▪▫▪▫▪▫▪▫▪▫▪▫▪▫▪▫▪▫▪▫▪▫▪▫▪▫▪▫▪▫▪▫▪▫
广西壮族自治区钦州市钦北区人民法院
新某：本院受理原告与被告劳动争议纠纷一案。 ▪▫▪▫▪▫▪▫▪▫▪▫▪▫▪▫▪▫▪▫▪▫▪▫▪▫▪▫▪▫▪▫▪▫▪▫▪▫▪▫▪▫▪▫▪▫▪▫▪▫▪▫▪▫▪▫▪▫▪▫▪▫▪▫▪▫▪▫▪▫▪▫▪▫▪▫▪▫▪▫▪▫▪▫▪▫▪▫▪▫▪▫▪▫▪▫▪▫▪▫▪▫▪▫▪▫▪▫▪▫▪▫▪▫▪▫▪▫▪▫▪▫▪▫▪▫▪▫▪▫▪▫▪▫▪▫▪▫▪▫▪▫▪▫▪▫▪▫▪▫▪▫▪▫▪▫▪▫▪▫▪▫▪▫▪▫▪▫▪▫▪▫▪▫▪▫▪▫▪▫▪▫▪▫▪▫▪▫▪▫▪▫▪▫▪▫▪▫▪▫▪▫▪▫▪▫▪▫▪▫▪▫▪▫▪▫▪▫▪▫▪▫▪▫▪▫▪▫▪▫▪▫▪▫▪▫▪▫▪▫▪▫▪▫▪▫▪▫▪▫▪▫▪▫▪▫▪▫▪▫▪▫▪▫▪▫▪▫▪▫▪▫▪▫▪▫▪▫▪▫▪▫▪▫▪▫▪▫▪▫▪▫▪▫▪▫▪▫▪▫▪▫▪▫▪▫▪▫▪▫▪▫▪▫▪▫▪▫▪▫▪▫▪▫▪▫▪▫▪▫▪▫▪▫▪▫▪▫▪▫
江苏省无锡市新吴区人民法院
科技成：本院受理原告诉被告一案，现依法向你公告送达。 ▪▫▪▫▪▫▪▫▪▫▪▫▪▫▪▫▪▫▪▫▪▫▪▫▪▫▪▫▪▫▪▫▪▫▪▫▪▫▪▫▪▫▪▫▪▫▪▫▪▫▪▫▪▫▪▫▪▫▪▫▪▫▪▫▪▫▪▫▪▫▪▫▪▫▪▫▪▫▪▫▪▫▪▫▪▫▪▫▪▫▪▫▪▫▪▫▪▫▪▫▪▫▪▫▪▫▪▫▪▫▪▫▪▫▪▫▪▫▪▫▪▫▪▫▪▫▪▫▪▫▪▫▪▫▪▫▪▫▪▫▪▫▪▫▪▫▪▫▪▫▪▫▪▫▪▫▪▫▪▫▪▫▪▫▪▫▪▫▪▫▪▫▪▫▪▫▪▫▪▫▪▫▪▫▪▫▪▫▪▫▪▫▪▫▪▫▪▫▪▫▪▫▪▫▪▫▪▫▪▫▪▫▪▫▪▫▪▫▪▫▪▫▪▫▪▫▪▫▪▫▪▫▪▫▪▫▪▫▪▫▪▫▪▫▪▫▪▫▪▫▪▫▪▫▪▫▪▫▪▫▪▫▪▫▪▫▪▫▪▫▪▫▪▫▪▫▪▫▪▫▪▫▪▫▪▫▪▫▪▫▪▫▪▫▪▫▪▫▪▫▪▫▪▫▪▫▪▫▪▫▪▫▪▫▪▫▪▫▪▫▪▫▪▫▪▫▪▫▪▫▪▫▪▫▪▫▪▫▪▫
江苏省常州市武进区人民法院
鲁建成：本院受理原告与被告合同纠纷一案。 ▪▫▪▫▪▫▪▫▪▫▪▫▪▫▪▫▪▫▪▫▪▫▪▫▪▫▪▫▪▫▪▫▪▫▪▫▪▫▪▫▪▫▪▫▪▫▪▫▪▫▪▫▪▫▪▫▪▫▪▫▪▫▪▫▪▫▪▫▪▫▪▫▪▫▪▫▪▫▪▫▪▫▪▫▪▫▪▫▪▫▪▫▪▫▪▫▪▫▪▫▪▫▪▫▪▫▪▫▪▫▪▫▪▫▪▫▪▫▪▫▪▫▪▫▪▫▪▫▪▫▪▫▪▫▪▫▪▫▪▫▪▫▪▫▪▫▪▫▪▫▪▫▪▫▪▫▪▫▪▫▪▫▪▫▪▫▪▫▪▫▪▫▪▫▪▫▪▫▪▫▪▫▪▫▪▫▪▫▪▫▪▫▪▫▪▫▪▫▪▫▪▫▪▫▪▫▪▫▪▫▪▫▪▫▪▫▪▫▪▫▪▫▪▫▪▫▪▫▪▫▪▫▪▫▪▫▪▫▪▫▪▫▪▫▪▫▪▫▪▫▪▫▪▫▪▫▪▫▪▫▪▫▪▫▪▫▪▫▪▫▪▫▪▫▪▫▪▫▪▫▪▫▪▫▪▫▪▫▪▫▪▫▪▫▪▫▪▫▪▫▪▫▪▫▪▫▪▫▪▫▪▫▪▫▪▫▪▫▪▫▪▫▪▫▪▫▪▫▪▫▪▫▪▫▪▫▪▫▪▫
江西省抚州市临川区人民法院
代金清：本院受理原告诉被告借款合同纠纷一案。 ▪▫▪▫▪▫▪▫▪▫▪▫▪▫▪▫▪▫▪▫▪▫▪▫▪▫▪▫▪▫▪▫▪▫▪▫▪▫▪▫▪▫▪▫▪▫▪▫▪▫▪▫▪▫▪▫▪▫▪▫▪▫▪▫▪▫▪▫▪▫▪▫▪▫▪▫▪▫▪▫▪▫▪▫▪▫▪▫▪▫▪▫▪▫▪▫▪▫▪▫▪▫▪▫▪▫▪▫▪▫▪▫▪▫▪▫▪▫▪▫▪▫▪▫▪▫▪▫▪▫▪▫▪▫▪▫▪▫▪▫▪▫▪▫▪▫▪▫▪▫▪▫▪▫▪▫▪▫▪▫▪▫▪▫▪▫▪▫▪▫▪▫▪▫▪▫▪▫▪▫▪▫▪▫▪▫▪▫▪▫▪▫▪▫▪▫▪▫▪▫▪▫▪▫▪▫▪▫▪▫▪▫▪▫▪▫▪▫▪▫▪▫▪▫▪▫▪▫▪▫▪▫▪▫▪▫▪▫▪▫▪▫▪▫▪▫▪▫▪▫▪▫▪▫▪▫▪▫▪▫▪▫▪▫▪▫▪▫▪▫▪▫▪▫▪▫▪▫▪▫▪▫▪▫▪▫▪▫▪▫▪▫▪▫▪▫▪▫▪▫▪▫▪▫▪▫▪▫▪▫▪▫▪▫▪▫▪▫▪▫▪▫▪▫▪▫▪▫▪▫▪▫▪▫▪▫▪▫▪▫
内蒙古自治区乌拉特中旗人民法院
张金祥：本院受理原告与被告一案，已审理终结。 ▪▫▪▫▪▫▪▫▪▫▪▫▪▫▪▫▪▫▪▫▪▫▪▫▪▫▪▫▪▫▪▫▪▫▪▫▪▫▪▫▪▫▪▫▪▫▪▫▪▫▪▫▪▫▪▫▪▫▪▫▪▫▪▫▪▫▪▫▪▫▪▫▪▫▪▫▪▫▪▫▪▫▪▫▪▫▪▫▪▫▪▫▪▫▪▫▪▫▪▫▪▫▪▫▪▫▪▫▪▫▪▫▪▫▪▫▪▫▪▫▪▫▪▫▪▫▪▫▪▫▪▫▪▫▪▫▪▫▪▫▪▫▪▫▪▫▪▫▪▫▪▫▪▫▪▫▪▫▪▫▪▫▪▫▪▫▪▫▪▫▪▫▪▫▪▫▪▫▪▫▪▫▪▫▪▫▪▫▪▫▪▫▪▫▪▫▪▫▪▫▪▫▪▫▪▫▪▫▪▫▪▫▪▫▪▫▪▫▪▫▪▫▪▫▪▫▪▫▪▫▪▫▪▫▪▫▪▫▪▫▪▫▪▫▪▫▪▫▪▫▪▫▪▫▪▫▪▫▪▫▪▫▪▫▪▫▪▫▪▫▪▫▪▫▪▫▪▫▪▫▪▫▪▫▪▫▪▫▪▫▪▫▪▫▪▫▪▫▪▫▪▫▪▫▪▫▪▫▪▫▪▫▪▫▪▫▪▫▪▫▪▫▪▫▪▫▪▫▪▫▪▫▪▫▪▫▪▫▪▫
北京市朝阳区人民法院
周磊：本院受理原告诉被告买卖合同纠纷一案。 ▪▫▪▫▪▫▪▫▪▫▪▫▪▫▪▫▪▫▪▫▪▫▪▫▪▫▪▫▪▫▪▫▪▫▪▫▪▫▪▫▪▫▪▫▪▫▪▫▪▫▪▫▪▫▪▫▪▫▪▫▪▫▪▫▪▫▪▫▪▫▪▫▪▫▪▫▪▫▪▫▪▫▪▫▪▫▪▫▪▫▪▫▪▫▪▫▪▫▪▫▪▫▪▫▪▫▪▫▪▫▪▫▪▫▪▫▪▫▪▫▪▫▪▫▪▫▪▫▪▫▪▫▪▫▪▫▪▫▪▫▪▫▪▫▪▫▪▫▪▫▪▫▪▫▪▫▪▫▪▫▪▫▪▫▪▫▪▫▪▫▪▫▪▫▪▫▪▫▪▫▪▫▪▫▪▫▪▫▪▫▪▫▪▫▪▫▪▫▪▫▪▫▪▫▪▫▪▫▪▫▪▫▪▫▪▫▪▫▪▫▪▫▪▫▪▫▪▫▪▫▪▫▪▫▪▫▪▫▪▫▪▫▪▫▪▫▪▫▪▫▪▫▪▫▪▫▪▫▪▫▪▫▪▫▪▫▪▫▪▫▪▫▪▫▪▫▪▫▪▫▪▫▪▫▪▫▪▫▪▫▪▫▪▫▪▫▪▫▪▫▪▫▪▫▪▫▪▫▪▫▪▫▪▫▪▫▪▫▪▫▪▫▪▫▪▫▪▫▪▫▪▫▪▫▪▫▪▫▪▫
内蒙古自治区巴林右旗人民法院
王某某：本院受理原告与被告民间借贷纠纷一案。 ▪▫▪▫▪▫▪▫▪▫▪▫▪▫▪▫▪▫▪▫▪▫▪▫▪▫▪▫▪▫▪▫▪▫▪▫▪▫▪▫▪▫▪▫▪▫▪▫▪▫▪▫▪▫▪▫▪▫▪▫▪▫▪▫▪▫▪▫▪▫▪▫▪▫▪▫▪▫▪▫▪▫▪▫▪▫▪▫▪▫▪▫▪▫▪▫▪▫▪▫▪▫▪▫▪▫▪▫▪▫▪▫▪▫▪▫▪▫▪▫▪▫▪▫▪▫▪▫▪▫▪▫▪▫▪▫▪▫▪▫▪▫▪▫▪▫▪▫▪▫▪▫▪▫▪▫▪▫▪▫▪▫▪▫▪▫▪▫▪▫▪▫▪▫▪▫▪▫▪▫▪▫▪▫▪▫▪▫▪▫▪▫▪▫▪▫▪▫▪▫▪▫▪▫▪▫▪▫▪▫▪▫▪▫▪▫▪▫▪▫▪▫▪▫▪▫▪▫▪▫▪▫▪▫▪▫▪▫▪▫▪▫▪▫▪▫▪▫▪▫▪▫▪▫▪▫▪▫▪▫▪▫▪▫▪▫▪▫▪▫▪▫▪▫▪▫▪▫▪▫▪▫▪▫▪▫▪▫▪▫▪▫▪▫▪▫▪▫▪▫▪▫▪▫▪▫▪▫▪▫▪▫▪▫▪▫▪▫▪▫▪▫▪▫▪▫▪▫▪▫▪▫▪▫▪▫▪▫▪▫
内蒙古自治区乌拉特中旗人民法院
张某：本院受理原告诉被告一案，现依法向你公告送达。 ▪▫▪▫▪▫▪▫▪▫▪▫▪▫▪▫▪▫▪▫▪▫▪▫▪▫▪▫▪▫▪▫▪▫▪▫▪▫▪▫▪▫▪▫▪▫▪▫▪▫▪▫▪▫▪▫▪▫▪▫▪▫▪▫▪▫▪▫▪▫▪▫▪▫▪▫▪▫▪▫▪▫▪▫▪▫▪▫▪▫▪▫▪▫▪▫▪▫▪▫▪▫▪▫▪▫▪▫▪▫▪▫▪▫▪▫▪▫▪▫▪▫▪▫▪▫▪▫▪▫▪▫▪▫▪▫▪▫▪▫▪▫▪▫▪▫▪▫▪▫▪▫▪▫▪▫▪▫▪▫▪▫▪▫▪▫▪▫▪▫▪▫▪▫▪▫▪▫▪▫▪▫▪▫▪▫▪▫▪▫▪▫▪▫▪▫▪▫▪▫▪▫▪▫▪▫▪▫▪▫▪▫▪▫▪▫▪▫▪▫▪▫▪▫▪▫▪▫▪▫▪▫▪▫▪▫▪▫▪▫▪▫▪▫▪▫▪▫▪▫▪▫▪▫▪▫▪▫▪▫▪▫▪▫▪▫▪▫▪▫▪▫▪▫▪▫▪▫▪▫▪▫▪▫▪▫▪▫▪▫▪▫▪▫▪▫▪▫▪▫▪▫▪▫▪▫▪▫▪▫▪▫▪▫▪▫▪▫▪▫▪▫▪▫▪▫▪▫▪▫▪▫▪▫▪▫▪▫▪▫
内蒙古自治区乌拉特中旗人民法院
王海蓬：本院受理原告与被告离婚纠纷一案。 ▪▫▪▫▪▫▪▫▪▫▪▫▪▫▪▫▪▫▪▫▪▫▪▫▪▫▪▫▪▫▪▫▪▫▪▫▪▫▪▫▪▫▪▫▪▫▪▫▪▫▪▫▪▫▪▫▪▫▪▫▪▫▪▫▪▫▪▫▪▫▪▫▪▫▪▫▪▫▪▫▪▫▪▫▪▫▪▫▪▫▪▫▪▫▪▫▪▫▪▫▪▫▪▫▪▫▪▫▪▫▪▫▪▫▪▫▪▫▪▫▪▫▪▫▪▫▪▫▪▫▪▫▪▫▪▫▪▫▪▫▪▫▪▫▪▫▪▫▪▫▪▫▪▫▪▫▪▫▪▫▪▫▪▫▪▫▪▫▪▫▪▫▪▫▪▫▪▫▪▫▪▫▪▫▪▫▪▫▪▫▪▫▪▫▪▫▪▫▪▫▪▫▪▫▪▫▪▫▪▫▪▫▪▫▪▫▪▫▪▫▪▫▪▫▪▫▪▫▪▫▪▫▪▫▪▫▪▫▪▫▪▫▪▫▪▫▪▫▪▫▪▫▪▫▪▫▪▫▪▫▪▫▪▫▪▫▪▫▪▫▪▫▪▫▪▫▪▫▪▫▪▫▪▫▪▫▪▫▪▫▪▫▪▫▪▫▪▫▪▫▪▫▪▫▪▫▪▫▪▫▪▫▪▫▪▫▪▫▪▫▪▫▪▫▪▫▪▫▪▫▪▫▪▫▪▫▪▫▪▫
内蒙古自治区乌拉特中旗人民法院
王海蓬：本院受理原告诉被告一案，判决书已送达期满。 ▪▫▪▫▪▫▪▫▪▫▪▫▪▫▪▫▪▫▪▫▪▫▪▫▪▫▪▫▪▫▪▫▪▫▪▫▪▫▪▫▪▫▪▫▪▫▪▫▪▫▪▫▪▫▪▫▪▫▪▫▪▫▪▫▪▫▪▫▪▫▪▫▪▫▪▫▪▫▪▫▪▫▪▫▪▫▪▫▪▫▪▫▪▫▪▫▪▫▪▫▪▫▪▫▪▫▪▫▪▫▪▫▪▫▪▫▪▫▪▫▪▫▪▫▪▫▪▫▪▫▪▫▪▫▪▫▪▫▪▫▪▫▪▫▪▫▪▫▪▫▪▫▪▫▪▫▪▫▪▫▪▫▪▫▪▫▪▫▪▫▪▫▪▫▪▫▪▫▪▫▪▫▪▫▪▫▪▫▪▫▪▫▪▫▪▫▪▫▪▫▪▫▪▫▪▫▪▫▪▫▪▫▪▫▪▫▪▫▪▫▪▫▪▫▪▫▪▫▪▫▪▫▪▫▪▫▪▫▪▫▪▫▪▫▪▫▪▫▪▫▪▫▪▫▪▫▪▫▪▫▪▫▪▫▪▫▪▫▪▫▪▫▪▫▪▫▪▫▪▫▪▫▪▫▪▫▪▫▪▫▪▫▪▫▪▫▪▫▪▫▪▫▪▫▪▫▪▫▪▫▪▫▪▫▪▫▪▫▪▫▪▫▪▫▪▫▪▫▪▫▪▫▪▫▪▫▪▫▪▫
内蒙古自治区乌拉特中旗人民法院
王海蓬、王海文：本院受理原告与被告合同纠纷一案。 ▪▫▪▫▪▫▪▫▪▫▪▫▪▫▪▫▪▫▪▫▪▫▪▫▪▫▪▫▪▫▪▫▪▫▪▫▪▫▪▫▪▫▪▫▪▫▪▫▪▫▪▫▪▫▪▫▪▫▪▫▪▫▪▫▪▫▪▫▪▫▪▫▪▫▪▫▪▫▪▫▪▫▪▫▪▫▪▫▪▫▪▫▪▫▪▫▪▫▪▫▪▫▪▫▪▫▪▫▪▫▪▫▪▫▪▫▪▫▪▫▪▫▪▫▪▫▪▫▪▫▪▫▪▫▪▫▪▫▪▫▪▫▪▫▪▫▪▫▪▫▪▫▪▫▪▫▪▫▪▫▪▫▪▫▪▫▪▫▪▫▪▫▪▫▪▫▪▫▪▫▪▫▪▫▪▫▪▫▪▫▪▫▪▫▪▫▪▫▪▫▪▫▪▫▪▫▪▫▪▫▪▫▪▫▪▫▪▫▪▫▪▫▪▫▪▫▪▫▪▫▪▫▪▫▪▫▪▫▪▫▪▫▪▫▪▫▪▫▪▫▪▫▪▫▪▫▪▫▪▫▪▫▪▫▪▫▪▫▪▫▪▫▪▫▪▫▪▫▪▫▪▫▪▫▪▫▪▫▪▫▪▫▪▫▪▫▪▫▪▫▪▫▪▫▪▫▪▫▪▫▪▫▪▫▪▫▪▫▪▫▪▫▪▫▪▫▪▫▪▫▪▫▪▫▪▫▪▫▪▫
内蒙古自治区乌拉特中旗人民法院
遗失声明
北京心有田网络科技有限公司遗失……特此声明。
北京心有田网络科技有限公司
